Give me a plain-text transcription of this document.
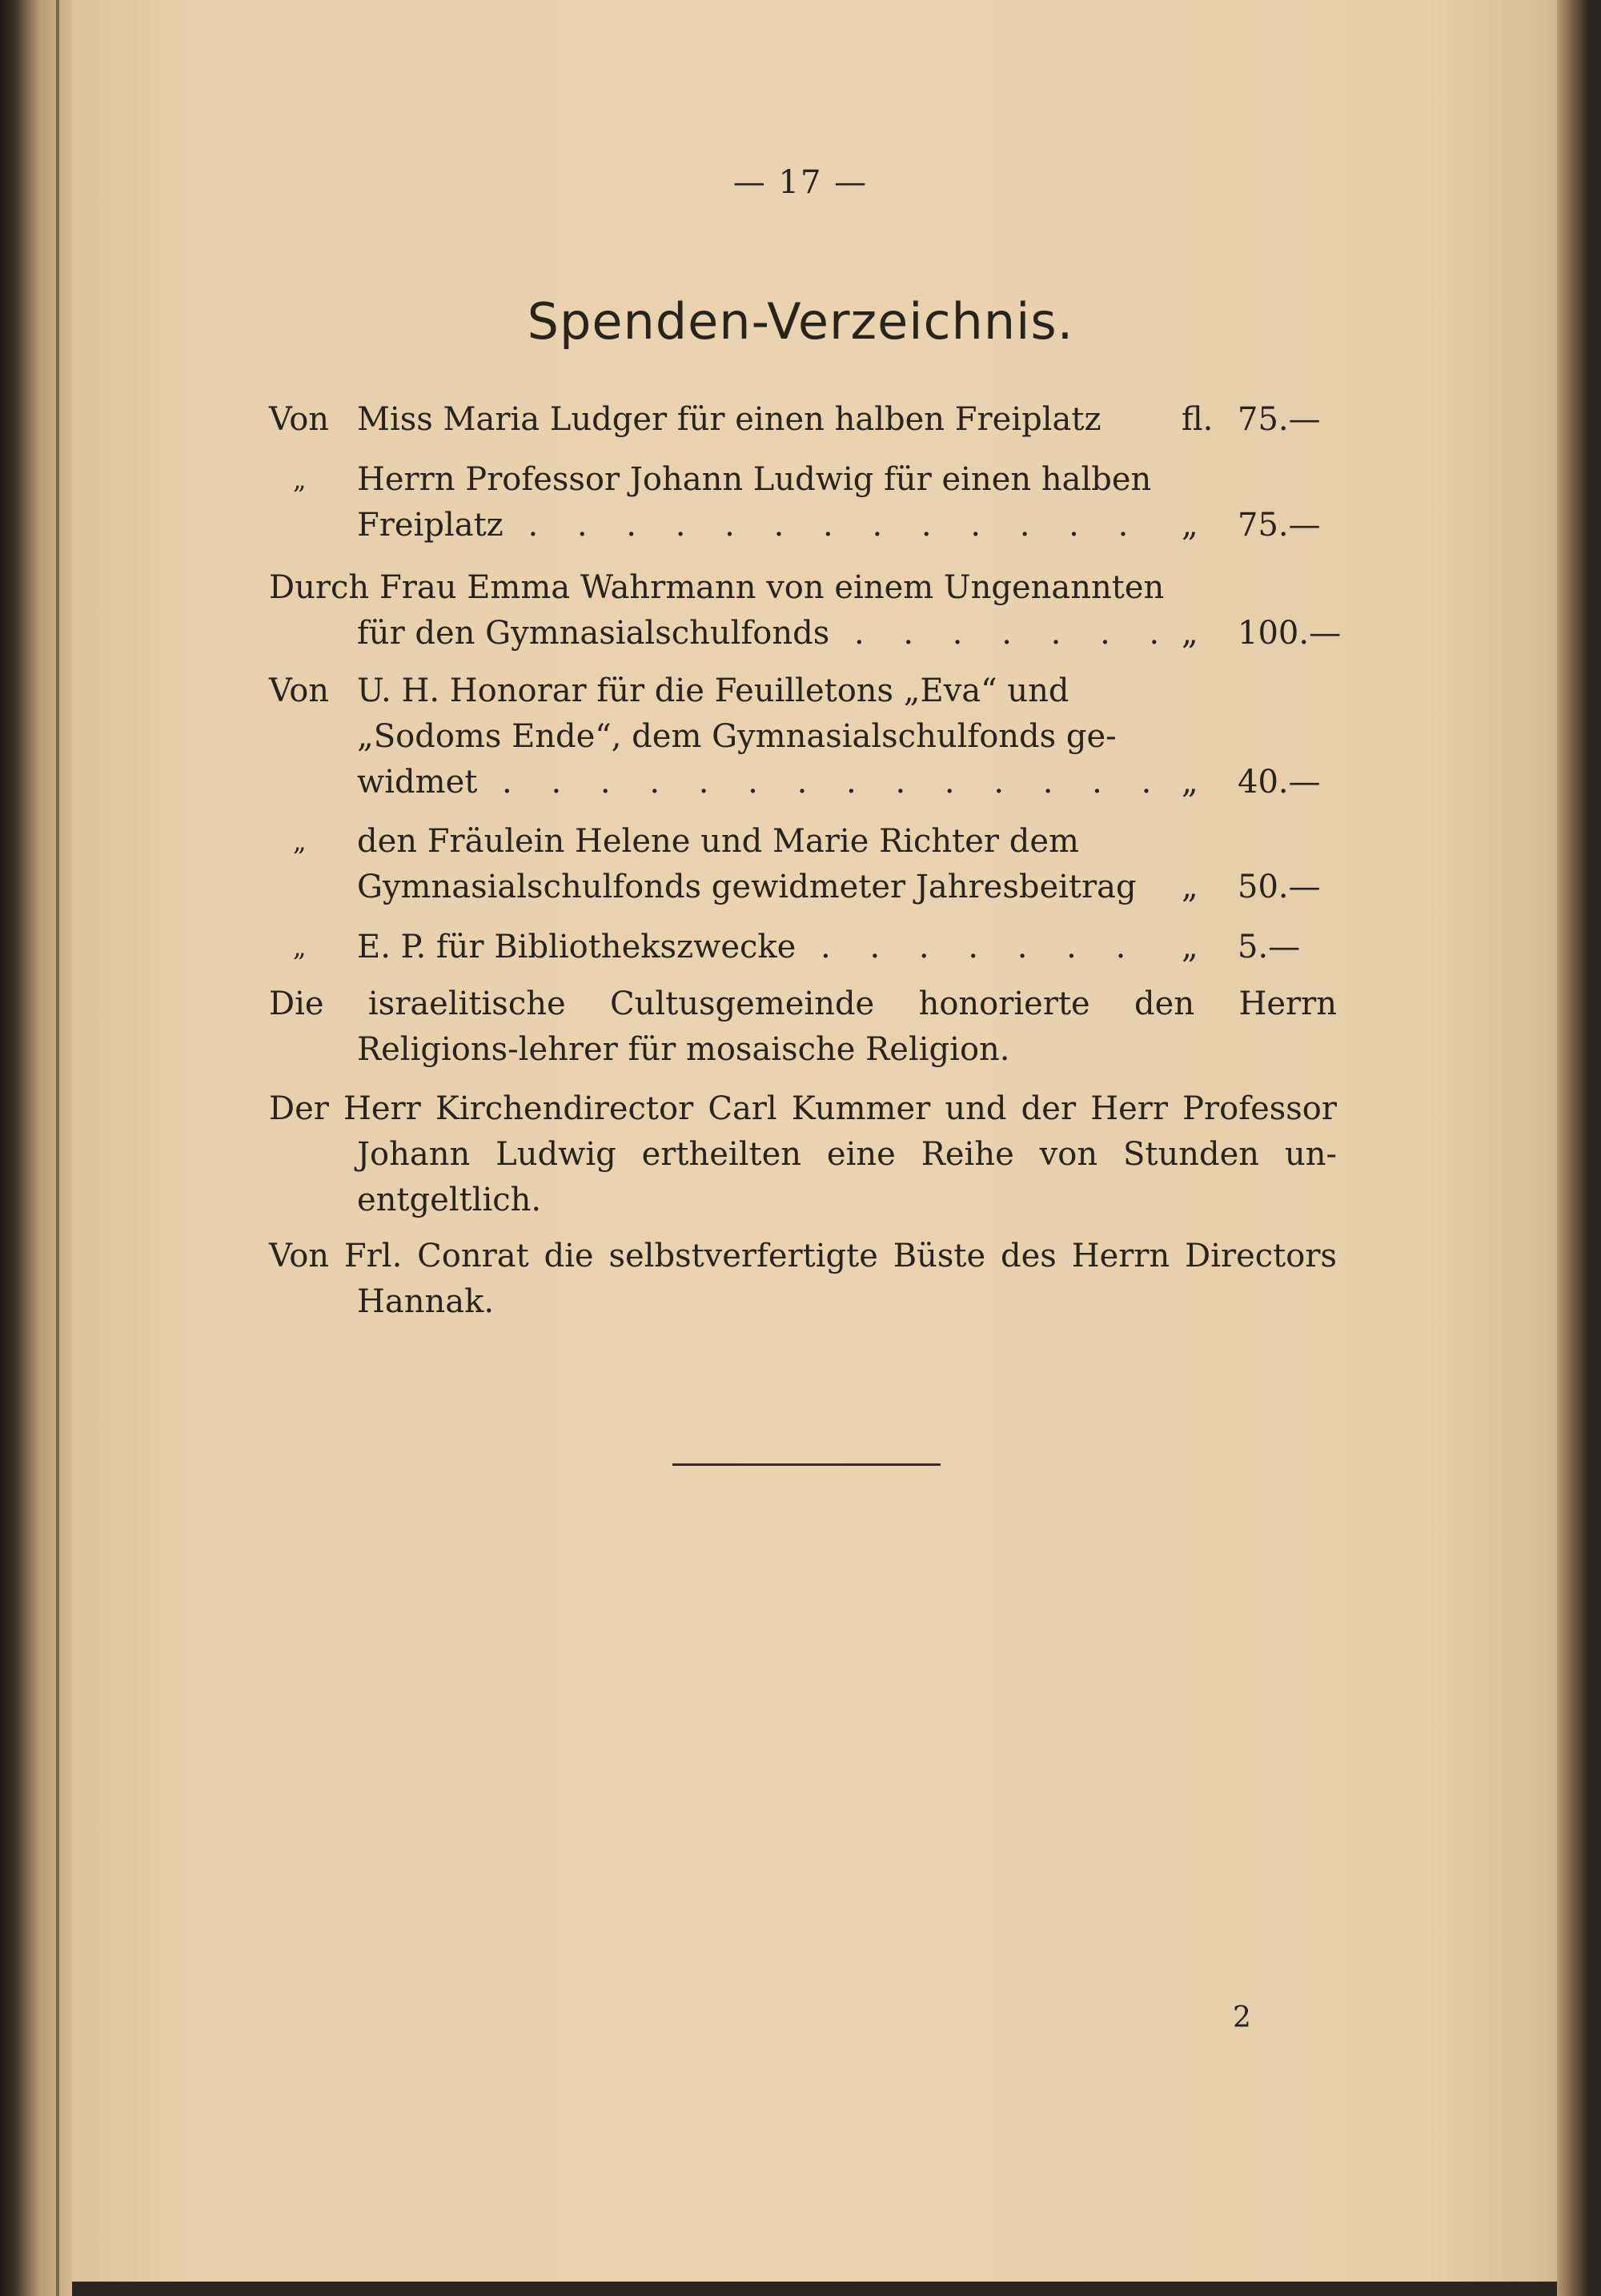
— 17 —
Spenden-Verzeichnis.
Von Miss Maria Ludger für einen halben Freiplatz	fl. 75.—
„ Herrn Professor Johann Ludwig für einen halben
Freiplatz . . . . . . . . . . . . . „ 75.—
Durch Frau Emma Wahrmann von einem Ungenannten
für den Gymnasialschulfonds . . . . . . . „ 100.—
Von U. H. Honorar für die Feuilletons „Eva“ und
„Sodoms Ende“, dem Gymnasialschulfonds ge-
widmet . . . . . . . . . . . . . . „ 40.—
„ den Fräulein Helene und Marie Richter dem
Gymnasialschulfonds gewidmeter Jahresbeitrag „ 50.—
„ E. P. für Bibliothekszwecke . . . . . . . „ 5.—
Die israelitische Cultusgemeinde honorierte den Herrn Religions-lehrer für mosaische Religion.
Der Herr Kirchendirector Carl Kummer und der Herr Professor Johann Ludwig ertheilten eine Reihe von Stunden un-entgeltlich.
Von Frl. Conrat die selbstverfertigte Büste des Herrn Directors Hannak.
2
